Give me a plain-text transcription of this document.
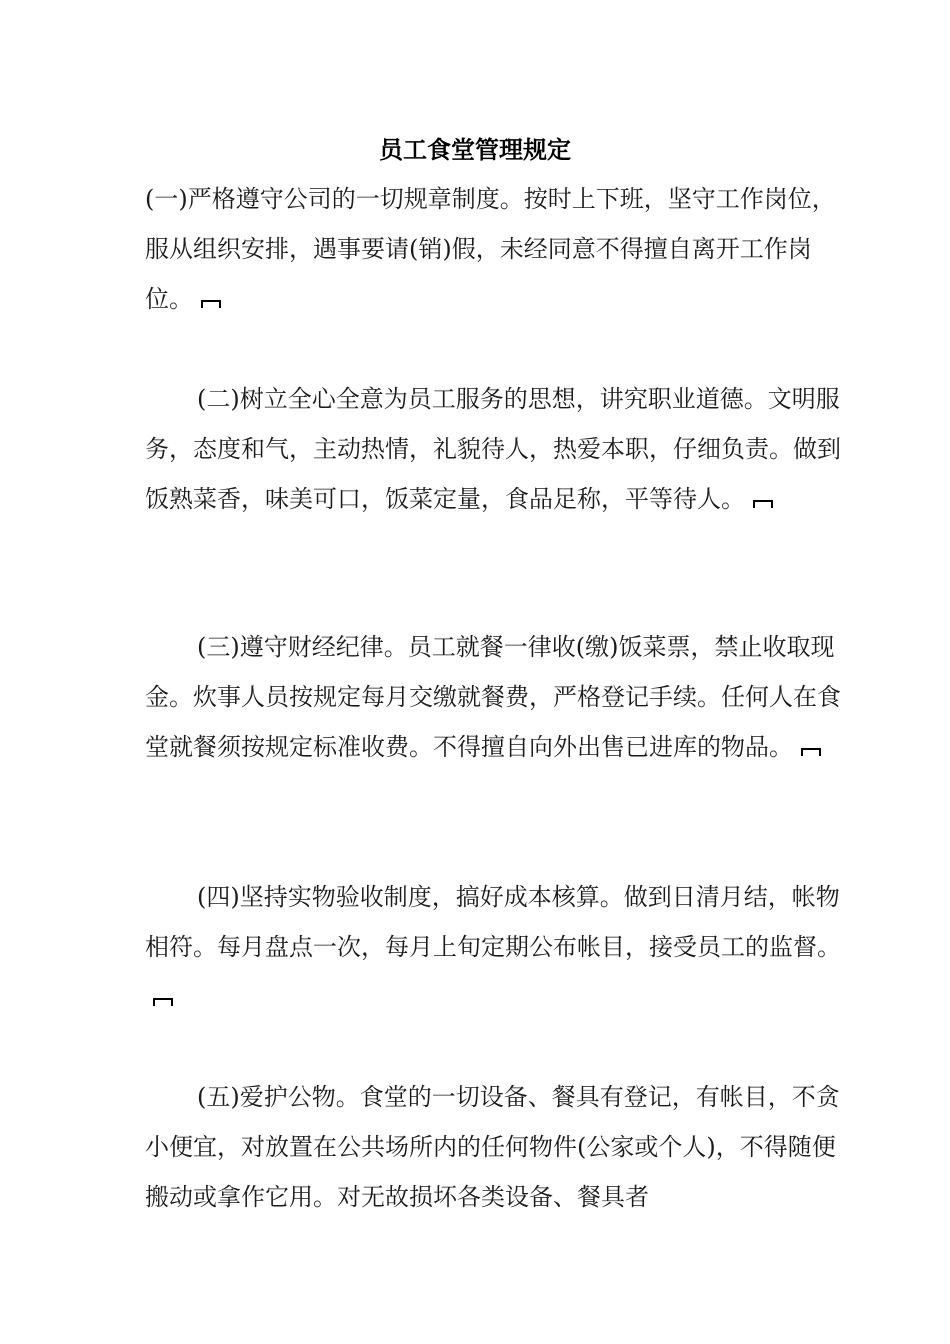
员工食堂管理规定

(一)严格遵守公司的一切规章制度。按时上下班，坚守工作岗位，服从组织安排，遇事要请(销)假，未经同意不得擅自离开工作岗位。

(二)树立全心全意为员工服务的思想，讲究职业道德。文明服务，态度和气，主动热情，礼貌待人，热爱本职，仔细负责。做到饭熟菜香，味美可口，饭菜定量，食品足称，平等待人。

(三)遵守财经纪律。员工就餐一律收(缴)饭菜票，禁止收取现金。炊事人员按规定每月交缴就餐费，严格登记手续。任何人在食堂就餐须按规定标准收费。不得擅自向外出售已进库的物品。

(四)坚持实物验收制度，搞好成本核算。做到日清月结，帐物相符。每月盘点一次，每月上旬定期公布帐目，接受员工的监督。

(五)爱护公物。食堂的一切设备、餐具有登记，有帐目，不贪小便宜，对放置在公共场所内的任何物件(公家或个人)，不得随便搬动或拿作它用。对无故损坏各类设备、餐具者
